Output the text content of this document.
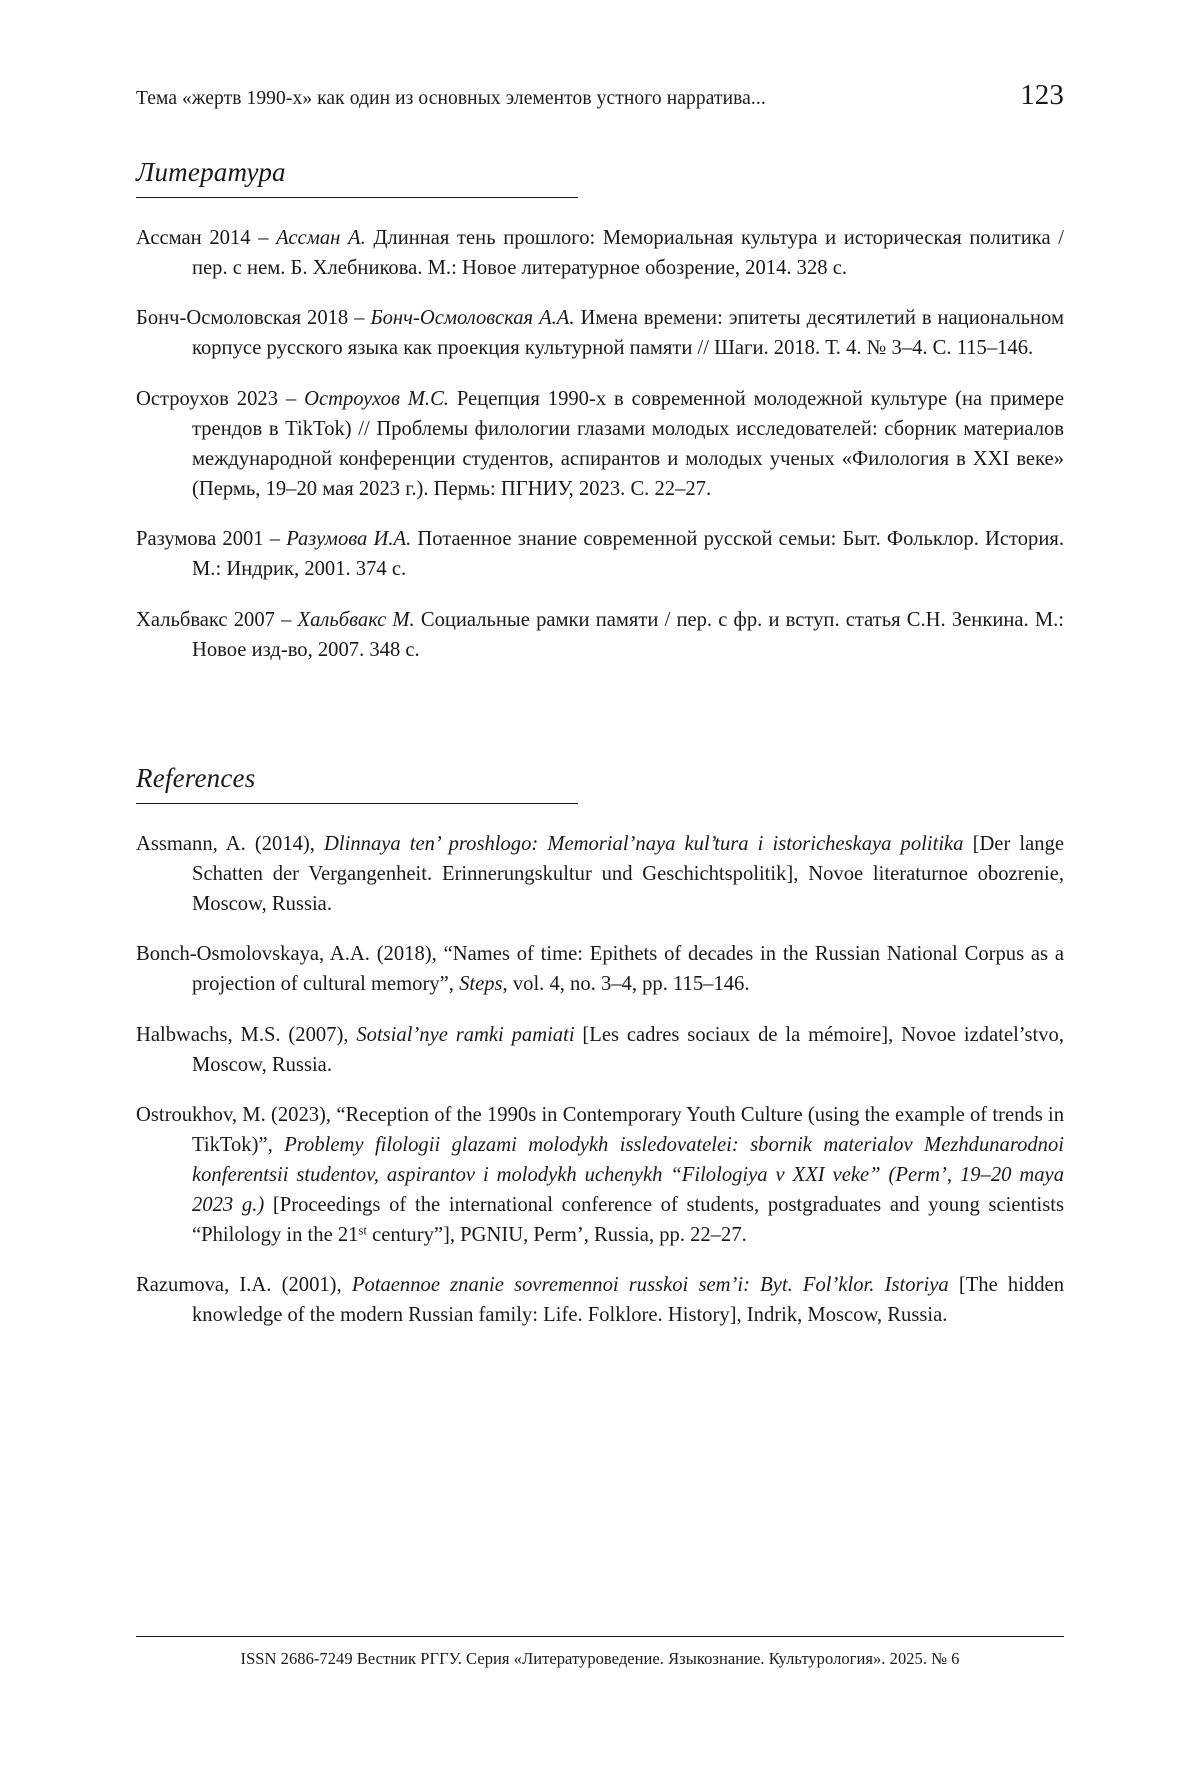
Тема «жертв 1990-х» как один из основных элементов устного нарратива...	123
Литература

Ассман 2014 – Ассман А. Длинная тень прошлого: Мемориальная культура и историческая политика / пер. с нем. Б. Хлебникова. М.: Новое литературное обозрение, 2014. 328 с.

Бонч-Осмоловская 2018 – Бонч-Осмоловская А.А. Имена времени: эпитеты десятилетий в национальном корпусе русского языка как проекция культурной памяти // Шаги. 2018. Т. 4. № 3–4. С. 115–146.

Остроухов 2023 – Остроухов М.С. Рецепция 1990-х в современной молодежной культуре (на примере трендов в TikTok) // Проблемы филологии глазами молодых исследователей: сборник материалов международной конференции студентов, аспирантов и молодых ученых «Филология в XXI веке» (Пермь, 19–20 мая 2023 г.). Пермь: ПГНИУ, 2023. С. 22–27.

Разумова 2001 – Разумова И.А. Потаенное знание современной русской семьи: Быт. Фольклор. История. М.: Индрик, 2001. 374 с.

Хальбвакс 2007 – Хальбвакс М. Социальные рамки памяти / пер. с фр. и вступ. статья С.Н. Зенкина. М.: Новое изд-во, 2007. 348 с.

References

Assmann, A. (2014), Dlinnaya ten’ proshlogo: Memorial’naya kul’tura i istoricheskaya politika [Der lange Schatten der Vergangenheit. Erinnerungskultur und Geschichtspolitik], Novoe literaturnoe obozrenie, Moscow, Russia.

Bonch-Osmolovskaya, A.A. (2018), “Names of time: Epithets of decades in the Russian National Corpus as a projection of cultural memory”, Steps, vol. 4, no. 3–4, pp. 115–146.

Halbwachs, M.S. (2007), Sotsial’nye ramki pamiati [Les cadres sociaux de la mémoire], Novoe izdatel’stvo, Moscow, Russia.

Ostroukhov, M. (2023), “Reception of the 1990s in Contemporary Youth Culture (using the example of trends in TikTok)”, Problemy filologii glazami molodykh issledovatelei: sbornik materialov Mezhdunarodnoi konferentsii studentov, aspirantov i molodykh uchenykh “Filologiya v XXI veke” (Perm’, 19–20 maya 2023 g.) [Proceedings of the international conference of students, postgraduates and young scientists “Philology in the 21st century”], PGNIU, Perm’, Russia, pp. 22–27.

Razumova, I.A. (2001), Potaennoe znanie sovremennoi russkoi sem’i: Byt. Fol’klor. Istoriya [The hidden knowledge of the modern Russian family: Life. Folklore. History], Indrik, Moscow, Russia.

ISSN 2686-7249 Вестник РГГУ. Серия «Литературоведение. Языкознание. Культурология». 2025. № 6
